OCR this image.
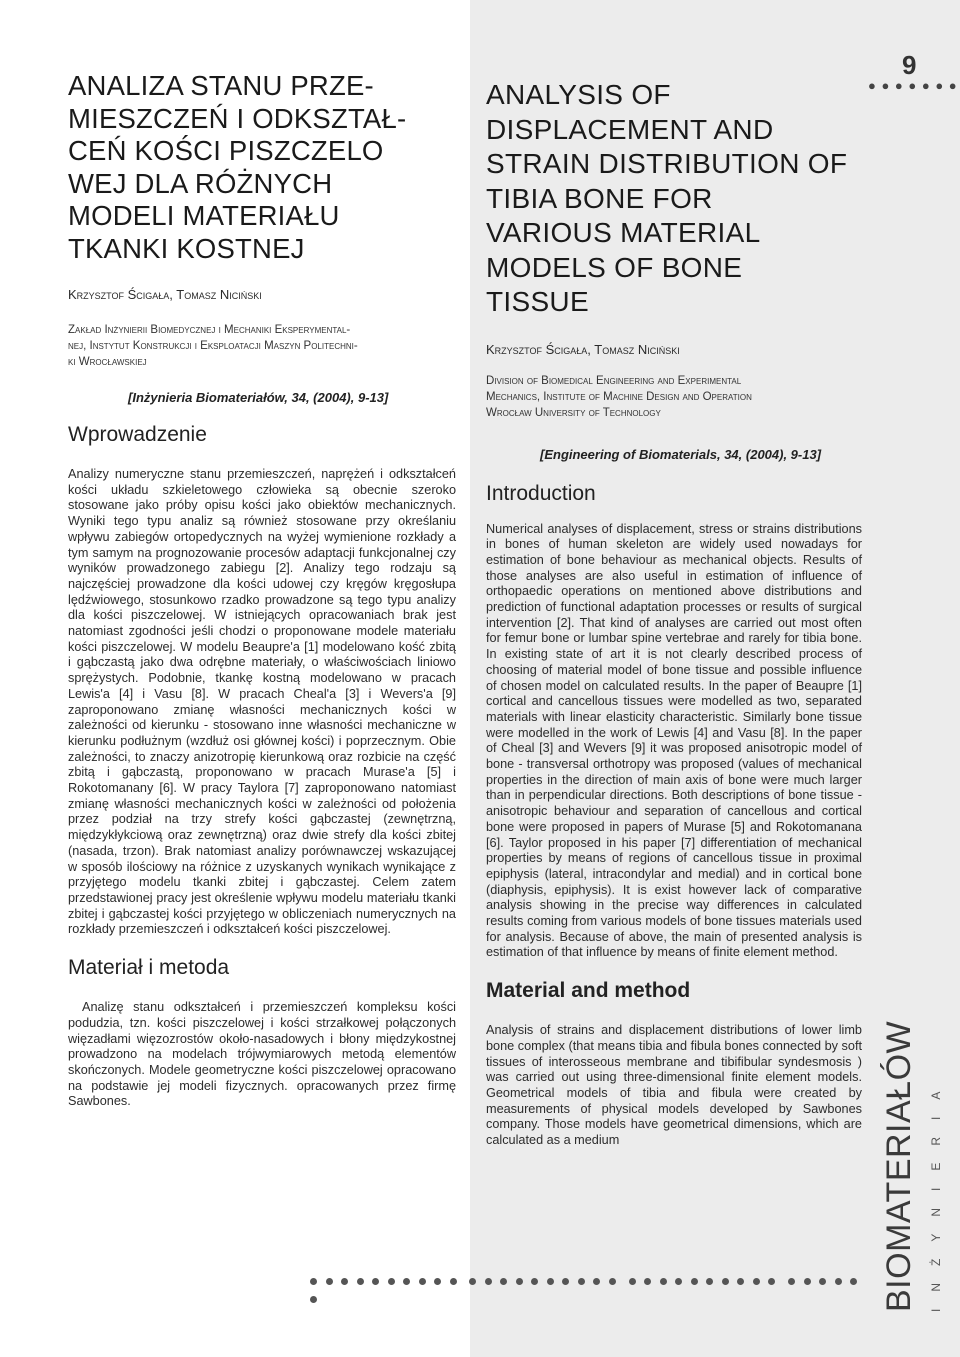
ANALIZA STANU PRZE-
MIESZCZEŃ I ODKSZTAŁ-
CEŃ KOŚCI PISZCZELO
WEJ DLA RÓŻNYCH
MODELI MATERIAŁU
TKANKI KOSTNEJ
Krzysztof Ścigała, Tomasz Niciński
Zakład Inżynierii Biomedycznej i Mechaniki Eksperymental-
nej, Instytut Konstrukcji i Eksploatacji Maszyn Politechni-
ki Wrocławskiej
[Inżynieria Biomateriałów, 34, (2004), 9-13]
Wprowadzenie

Analizy numeryczne stanu przemieszczeń, naprężeń i odkształceń kości układu szkieletowego człowieka są obecnie szeroko stosowane jako próby opisu kości jako obiektów mechanicznych. Wyniki tego typu analiz są również stosowane przy określaniu wpływu zabiegów ortopedycznych na wyżej wymienione rozkłady a tym samym na prognozowanie procesów adaptacji funkcjonalnej czy wyników prowadzonego zabiegu [2]. Analizy tego rodzaju są najczęściej prowadzone dla kości udowej czy kręgów kręgosłupa lędźwiowego, stosunkowo rzadko prowadzone są tego typu analizy dla kości piszczelowej. W istniejących opracowaniach brak jest natomiast zgodności jeśli chodzi o proponowane modele materiału kości piszczelowej. W modelu Beaupre'a [1] modelowano kość zbitą i gąbczastą jako dwa odrębne materiały, o właściwościach liniowo sprężystych. Podobnie, tkankę kostną modelowano w pracach Lewis'a [4] i Vasu [8]. W pracach Cheal'a [3] i Wevers'a [9] zaproponowano zmianę własności mechanicznych kości w zależności od kierunku - stosowano inne własności mechaniczne w kierunku podłużnym (wzdłuż osi głównej kości) i poprzecznym. Obie zależności, to znaczy anizotropię kierunkową oraz rozbicie na część zbitą i gąbczastą, proponowano w pracach Murase'a [5] i Rokotomanany [6]. W pracy Taylora [7] zaproponowano natomiast zmianę własności mechanicznych kości w zależności od położenia przez podział na trzy strefy kości gąbczastej (zewnętrzną, międzykłykciową oraz zewnętrzną) oraz dwie strefy dla kości zbitej (nasada, trzon). Brak natomiast analizy porównawczej wskazującej w sposób ilościowy na różnice z uzyskanych wynikach wynikające z przyjętego modelu tkanki zbitej i gąbczastej. Celem zatem przedstawionej pracy jest określenie wpływu modelu materiału tkanki zbitej i gąbczastej kości przyjętego w obliczeniach numerycznych na rozkłady przemieszczeń i odkształceń kości piszczelowej.

Materiał i metoda

Analizę stanu odkształceń i przemieszczeń kompleksu kości podudzia, tzn. kości piszczelowej i kości strzałkowej połączonych więzadłami więzozrostów około-nasadowych i błony międzykostnej prowadzono na modelach trójwymiarowych metodą elementów skończonych. Modele geometryczne kości piszczelowej opracowano na podstawie jej modeli fizycznych. opracowanych przez firmę Sawbones.

9
● ● ● ● ● ● ●
ANALYSIS OF
DISPLACEMENT AND
STRAIN DISTRIBUTION OF
TIBIA BONE FOR
VARIOUS MATERIAL
MODELS OF BONE
TISSUE
Krzysztof Ścigała, Tomasz Niciński
Division of Biomedical Engineering and Experimental
Mechanics, Institute of Machine Design and Operation
Wrocław University of Technology
[Engineering of Biomaterials, 34, (2004), 9-13]
Introduction

Numerical analyses of displacement, stress or strains distributions in bones of human skeleton are widely used nowadays for estimation of bone behaviour as mechanical objects. Results of those analyses are also useful in estimation of influence of orthopaedic operations on mentioned above distributions and prediction of functional adaptation processes or results of surgical intervention [2]. That kind of analyses are carried out most often for femur bone or lumbar spine vertebrae and rarely for tibia bone. In existing state of art it is not clearly described process of choosing of material model of bone tissue and possible influence of chosen model on calculated results. In the paper of Beaupre [1] cortical and cancellous tissues were modelled as two, separated materials with linear elasticity characteristic. Similarly bone tissue were modelled in the work of Lewis [4] and Vasu [8]. In the paper of Cheal [3] and Wevers [9] it was proposed anisotropic model of bone - transversal orthotropy was proposed (values of mechanical properties in the direction of main axis of bone were much larger than in perpendicular directions. Both descriptions of bone tissue - anisotropic behaviour and separation of cancellous and cortical bone were proposed in papers of Murase [5] and Rokotomanana [6]. Taylor proposed in his paper [7] differentiation of mechanical properties by means of regions of cancellous tissue in proximal epiphysis (lateral, intracondylar and medial) and in cortical bone (diaphysis, epiphysis). It is exist however lack of comparative analysis showing in the precise way differences in calculated results coming from various models of bone tissues materials used for analysis. Because of above, the main of presented analysis is estimation of that influence by means of finite element method.

Material and method

Analysis of strains and displacement distributions of lower limb bone complex (that means tibia and fibula bones connected by soft tissues of interosseous membrane and tibifibular syndesmosis ) was carried out using three-dimensional finite element models. Geometrical models of tibia and fibula were created by measurements of physical models developed by Sawbones company. Those models have geometrical dimensions, which are calculated as a medium

	BIOMATERIAŁÓW INŻYNIERIA
